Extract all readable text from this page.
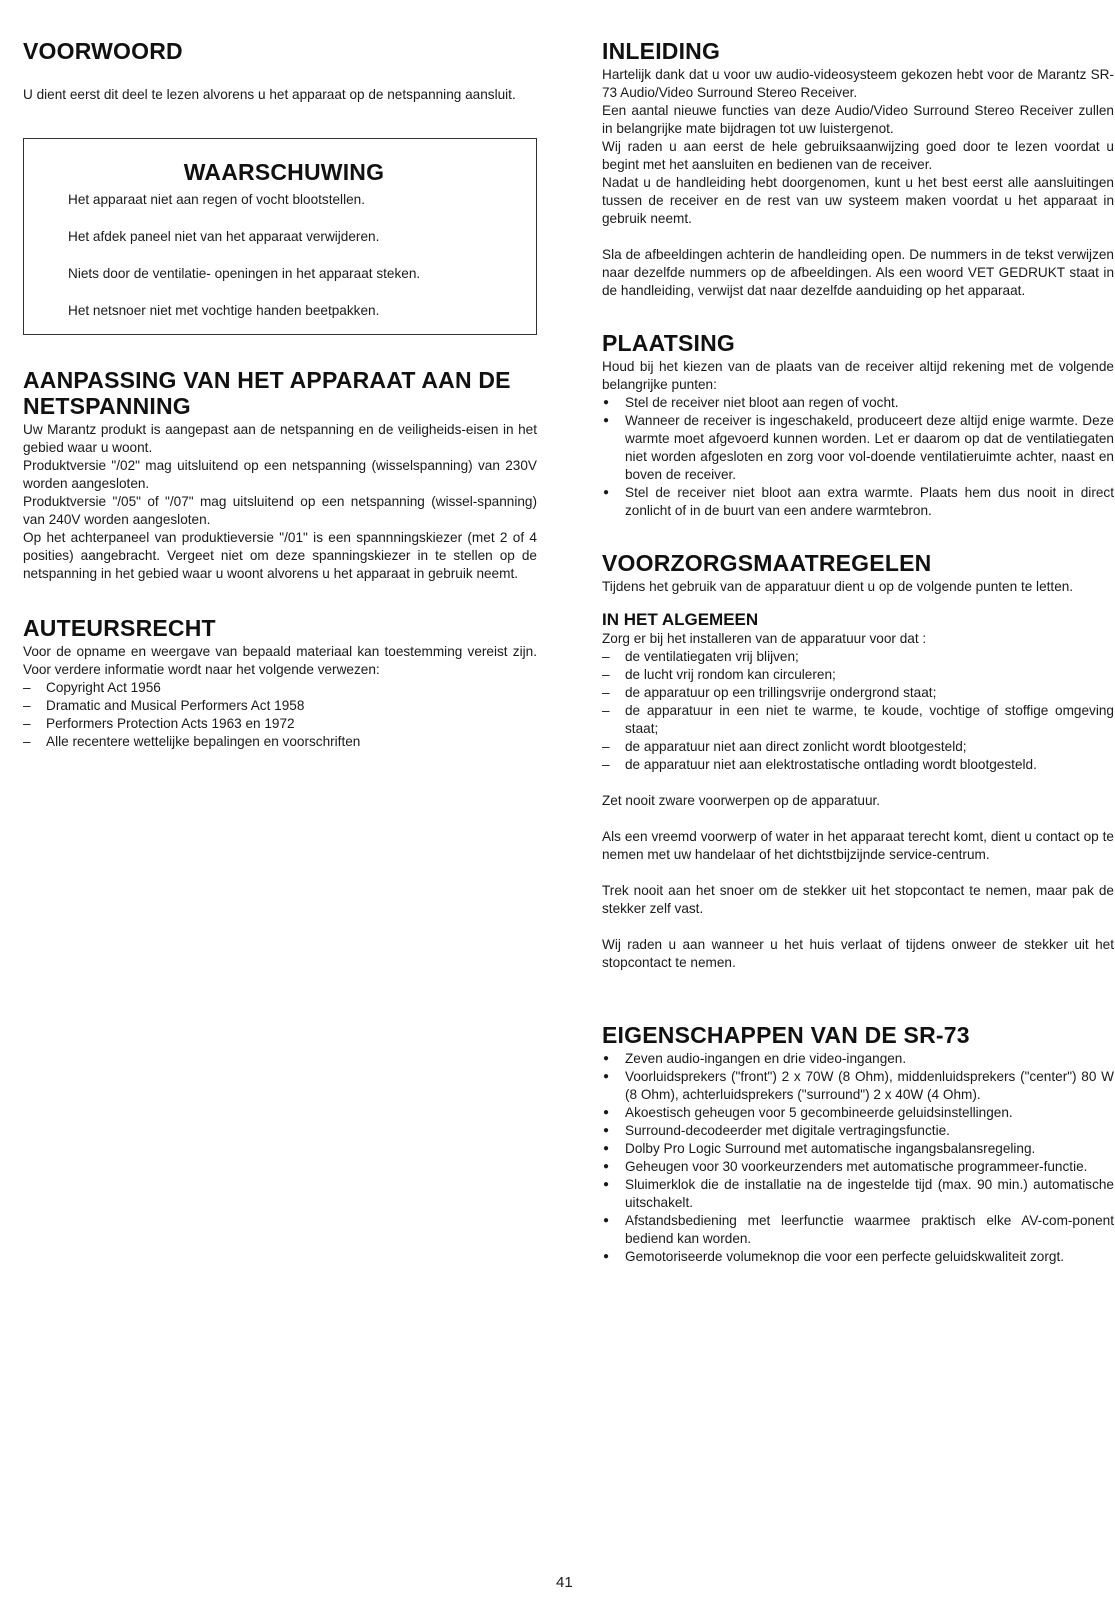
VOORWOORD

U dient eerst dit deel te lezen alvorens u het apparaat op de netspanning aansluit.

WAARSCHUWING

Het apparaat niet aan regen of vocht blootstellen.

Het afdek paneel niet van het apparaat verwijderen.

Niets door de ventilatie- openingen in het apparaat steken.

Het netsnoer niet met vochtige handen beetpakken.

AANPASSING VAN HET APPARAAT AAN DE NETSPANNING

Uw Marantz produkt is aangepast aan de netspanning en de veiligheids-eisen in het gebied waar u woont.

Produktversie "/02" mag uitsluitend op een netspanning (wisselspanning) van 230V worden aangesloten.

Produktversie "/05" of "/07" mag uitsluitend op een netspanning (wissel-spanning) van 240V worden aangesloten.

Op het achterpaneel van produktieversie "/01" is een spannningskiezer (met 2 of 4 posities) aangebracht. Vergeet niet om deze spanningskiezer in te stellen op de netspanning in het gebied waar u woont alvorens u het apparaat in gebruik neemt.

AUTEURSRECHT

Voor de opname en weergave van bepaald materiaal kan toestemming vereist zijn. Voor verdere informatie wordt naar het volgende verwezen:

– Copyright Act 1956
– Dramatic and Musical Performers Act 1958
– Performers Protection Acts 1963 en 1972
– Alle recentere wettelijke bepalingen en voorschriften
INLEIDING

Hartelijk dank dat u voor uw audio-videosysteem gekozen hebt voor de Marantz SR-73 Audio/Video Surround Stereo Receiver.

Een aantal nieuwe functies van deze Audio/Video Surround Stereo Receiver zullen in belangrijke mate bijdragen tot uw luistergenot.

Wij raden u aan eerst de hele gebruiksaanwijzing goed door te lezen voordat u begint met het aansluiten en bedienen van de receiver.

Nadat u de handleiding hebt doorgenomen, kunt u het best eerst alle aansluitingen tussen de receiver en de rest van uw systeem maken voordat u het apparaat in gebruik neemt.

Sla de afbeeldingen achterin de handleiding open. De nummers in de tekst verwijzen naar dezelfde nummers op de afbeeldingen. Als een woord VET GEDRUKT staat in de handleiding, verwijst dat naar dezelfde aanduiding op het apparaat.

PLAATSING

Houd bij het kiezen van de plaats van de receiver altijd rekening met de volgende belangrijke punten:

● Stel de receiver niet bloot aan regen of vocht.
● Wanneer de receiver is ingeschakeld, produceert deze altijd enige warmte. Deze warmte moet afgevoerd kunnen worden. Let er daarom op dat de ventilatiegaten niet worden afgesloten en zorg voor vol-doende ventilatieruimte achter, naast en boven de receiver.
● Stel de receiver niet bloot aan extra warmte. Plaats hem dus nooit in direct zonlicht of in de buurt van een andere warmtebron.
VOORZORGSMAATREGELEN

Tijdens het gebruik van de apparatuur dient u op de volgende punten te letten.

IN HET ALGEMEEN

Zorg er bij het installeren van de apparatuur voor dat :

– de ventilatiegaten vrij blijven;
– de lucht vrij rondom kan circuleren;
– de apparatuur op een trillingsvrije ondergrond staat;
– de apparatuur in een niet te warme, te koude, vochtige of stoffige omgeving staat;
– de apparatuur niet aan direct zonlicht wordt blootgesteld;
– de apparatuur niet aan elektrostatische ontlading wordt blootgesteld.

Zet nooit zware voorwerpen op de apparatuur.

Als een vreemd voorwerp of water in het apparaat terecht komt, dient u contact op te nemen met uw handelaar of het dichtstbijzijnde service-centrum.

Trek nooit aan het snoer om de stekker uit het stopcontact te nemen, maar pak de stekker zelf vast.

Wij raden u aan wanneer u het huis verlaat of tijdens onweer de stekker uit het stopcontact te nemen.

EIGENSCHAPPEN VAN DE SR-73
● Zeven audio-ingangen en drie video-ingangen.
● Voorluidsprekers ("front") 2 x 70W (8 Ohm), middenluidsprekers ("center") 80 W (8 Ohm), achterluidsprekers ("surround") 2 x 40W (4 Ohm).
● Akoestisch geheugen voor 5 gecombineerde geluidsinstellingen.
● Surround-decodeerder met digitale vertragingsfunctie.
● Dolby Pro Logic Surround met automatische ingangsbalansregeling.
● Geheugen voor 30 voorkeurzenders met automatische programmeer-functie.
● Sluimerklok die de installatie na de ingestelde tijd (max. 90 min.) automatische uitschakelt.
● Afstandsbediening met leerfunctie waarmee praktisch elke AV-com-ponent bediend kan worden.
● Gemotoriseerde volumeknop die voor een perfecte geluidskwaliteit zorgt.
41
